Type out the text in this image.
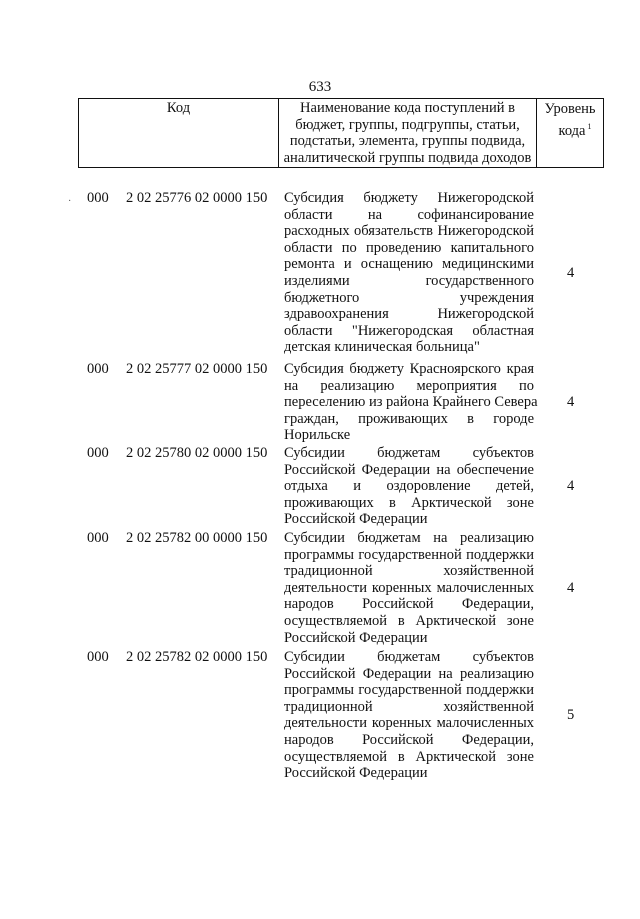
633
Код	Наименование кода поступлений в
бюджет, группы, подгруппы, статьи,
подстатьи, элемента, группы подвида,
аналитической группы подвида доходов
Уровень
кода $^1$
· 000 2 02 25776 02 0000 150 Субсидия бюджету Нижегородской
области на софинансирование
расходных обязательств Нижегородской
области по проведению капитального
ремонта и оснащению медицинскими
изделиями государственного
бюджетного учреждения
здравоохранения Нижегородской
области "Нижегородская областная
детская клиническая больница"
4
000 2 02 25777 02 0000 150 Субсидия бюджету Красноярского края
на реализацию мероприятия по
переселению из района Крайнего Севера
граждан, проживающих в городе
Норильске
4
000 2 02 25780 02 0000 150 Субсидии бюджетам субъектов
Российской Федерации на обеспечение
отдыха и оздоровление детей,
проживающих в Арктической зоне
Российской Федерации
4
000 2 02 25782 00 0000 150 Субсидии бюджетам на реализацию
программы государственной поддержки
традиционной хозяйственной
деятельности коренных малочисленных
народов Российской Федерации,
осуществляемой в Арктической зоне
Российской Федерации
4
000 2 02 25782 02 0000 150 Субсидии бюджетам субъектов
Российской Федерации на реализацию
программы государственной поддержки
традиционной хозяйственной
деятельности коренных малочисленных
народов Российской Федерации,
осуществляемой в Арктической зоне
Российской Федерации
5
